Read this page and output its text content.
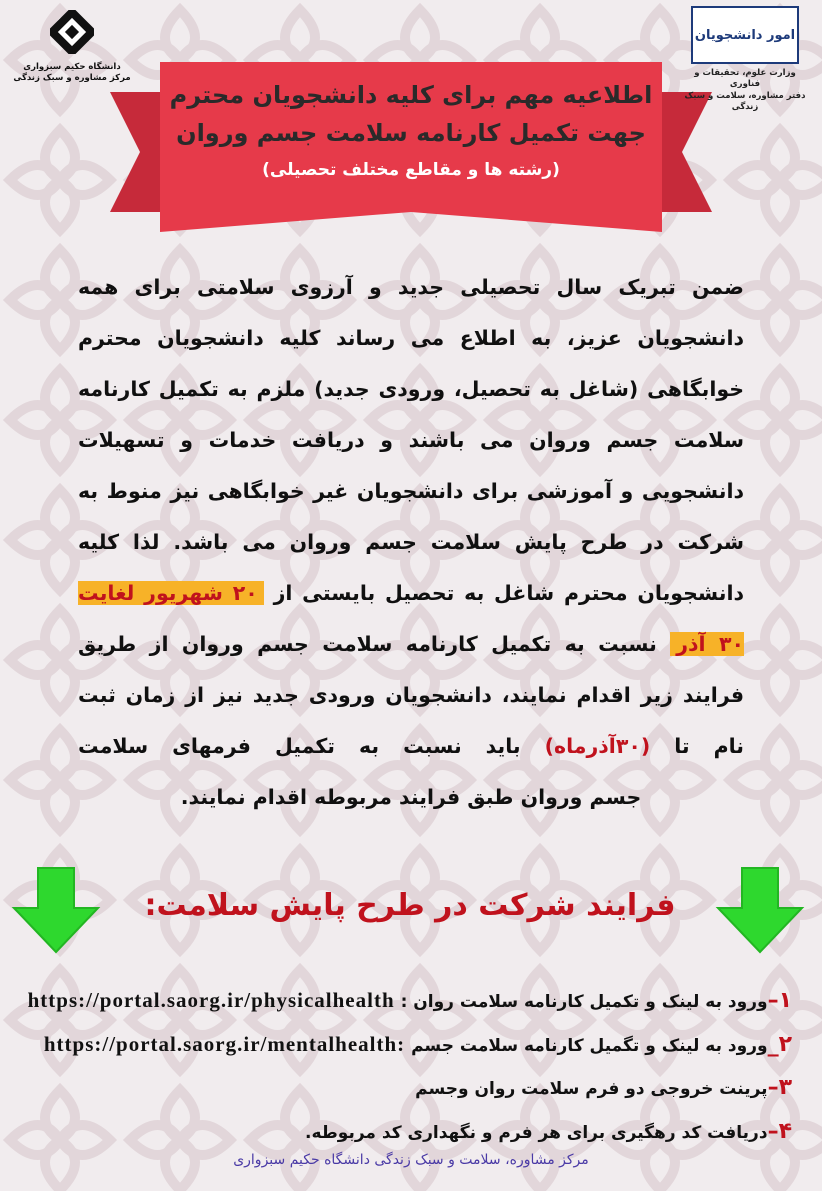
دانشگاه حکیم سبزواری
مرکز مشاوره و سبک زندگی
امور دانشجویان
وزارت علوم، تحقیقات و فناوری
دفتر مشاوره، سلامت و سبک زندگی
اطلاعیه مهم برای کلیه دانشجویان محترم
جهت تکمیل کارنامه سلامت جسم وروان
(رشته ها و مقاطع مختلف تحصیلی)
ضمن تبریک سال تحصیلی جدید و آرزوی سلامتی برای همه دانشجویان عزیز، به اطلاع می رساند کلیه دانشجویان محترم خوابگاهی (شاغل به تحصیل، ورودی جدید) ملزم به تکمیل کارنامه سلامت جسم وروان می باشند و دریافت خدمات و تسهیلات دانشجویی و آموزشی برای دانشجویان غیر خوابگاهی نیز منوط به شرکت در طرح پایش سلامت جسم وروان می باشد. لذا کلیه دانشجویان محترم شاغل به تحصیل بایستی از ۲۰ شهریور لغایت ۳۰ آذر نسبت به تکمیل کارنامه سلامت جسم وروان از طریق فرایند زیر اقدام نمایند، دانشجویان ورودی جدید نیز از زمان ثبت نام تا (۳۰آذرماه) باید نسبت به تکمیل فرمهای سلامت
جسم وروان طبق فرایند مربوطه اقدام نمایند.
فرایند شرکت در طرح پایش سلامت:
۱–ورود به لینک و تکمیل کارنامه سلامت روان : https://portal.saorg.ir/physicalhealth
۲_ورود به لینک و تگمیل کارنامه سلامت جسم https://portal.saorg.ir/mentalhealth:
۳–پرینت خروجی دو فرم سلامت روان وجسم
۴–دریافت کد رهگیری برای هر فرم و نگهداری کد مربوطه.
مرکز مشاوره، سلامت و سبک زندگی دانشگاه حکیم سبزواری
